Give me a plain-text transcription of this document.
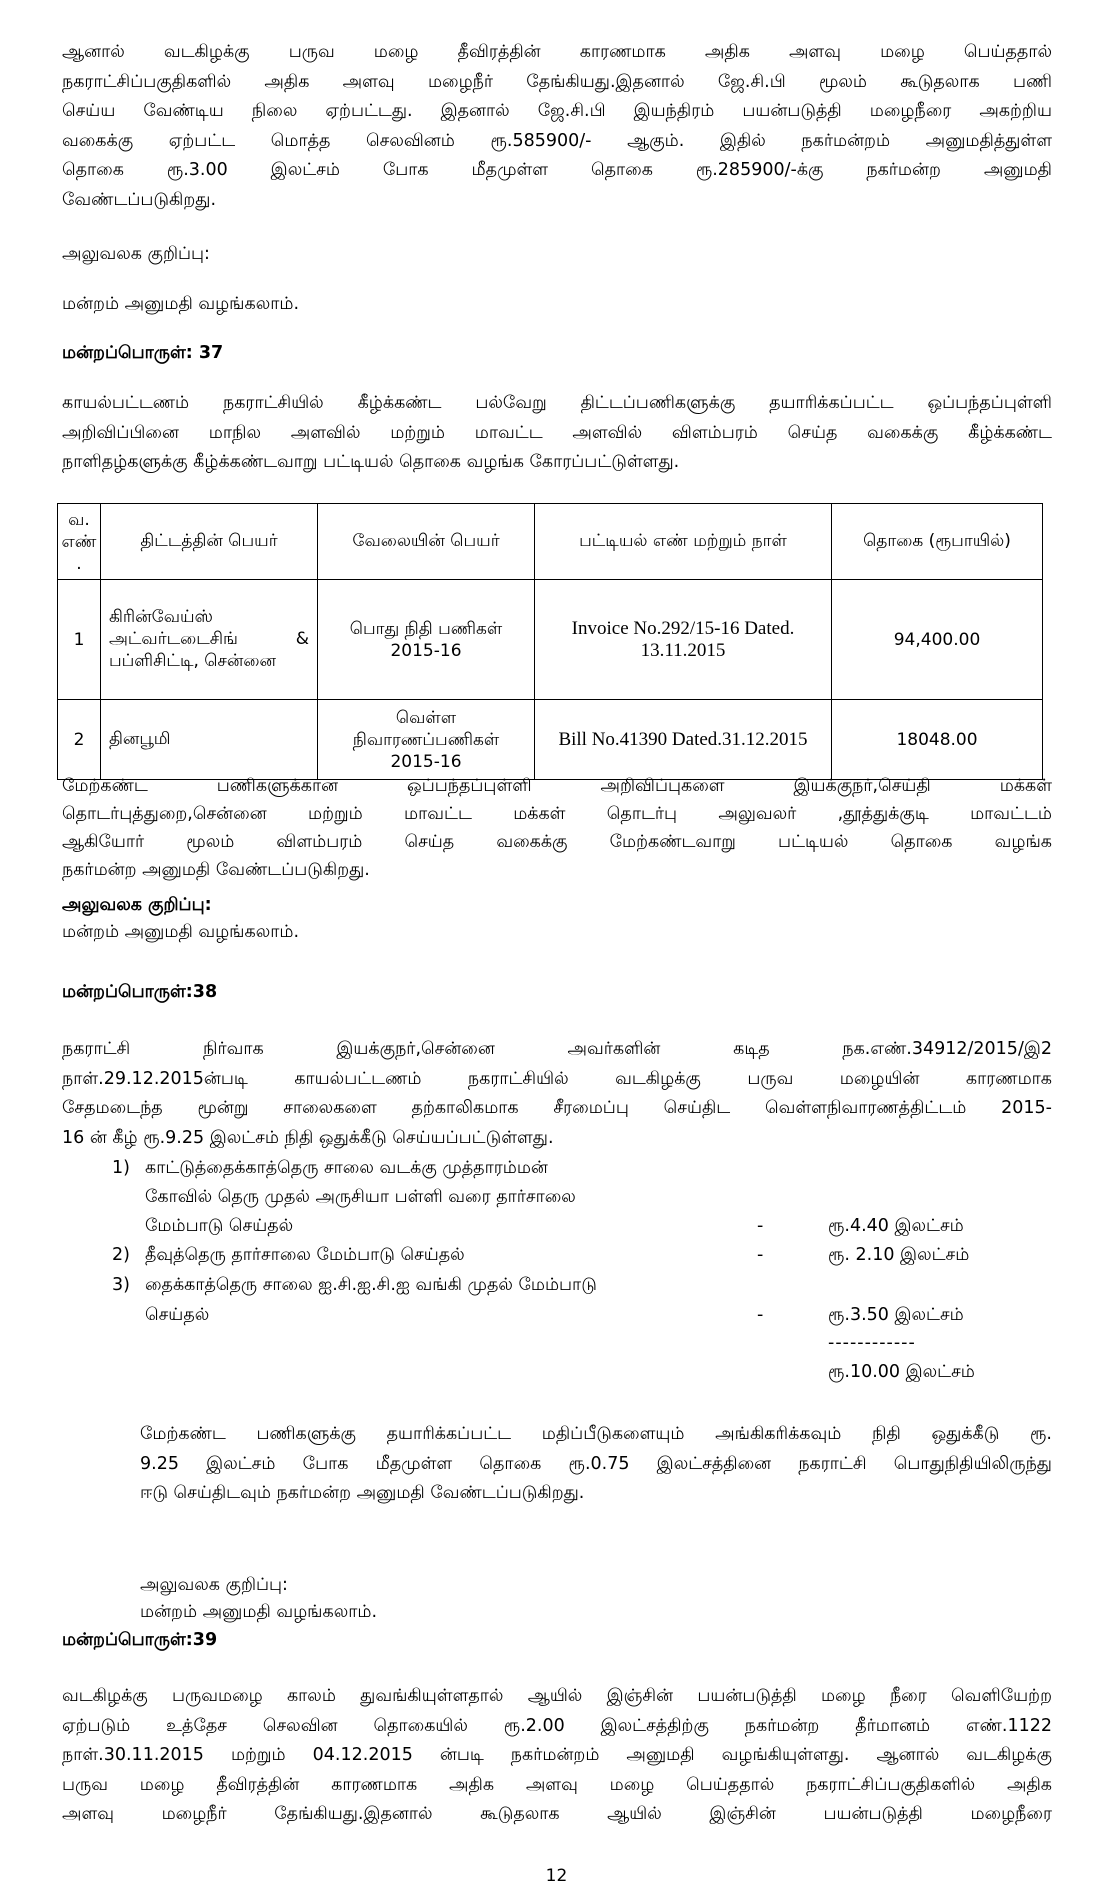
ஆனால் வடகிழக்கு பருவ மழை தீவிரத்தின் காரணமாக அதிக அளவு மழை பெய்ததால்
நகராட்சிப்பகுதிகளில் அதிக அளவு மழைநீர் தேங்கியது.இதனால் ஜே.சி.பி மூலம் கூடுதலாக பணி
செய்ய வேண்டிய நிலை ஏற்பட்டது. இதனால் ஜே.சி.பி இயந்திரம் பயன்படுத்தி மழைநீரை அகற்றிய
வகைக்கு ஏற்பட்ட மொத்த செலவினம் ரூ.585900/- ஆகும். இதில் நகர்மன்றம் அனுமதித்துள்ள
தொகை ரூ.3.00 இலட்சம் போக மீதமுள்ள தொகை ரூ.285900/-க்கு நகர்மன்ற அனுமதி
வேண்டப்படுகிறது.
அலுவலக குறிப்பு:
மன்றம் அனுமதி வழங்கலாம்.
மன்றப்பொருள்: 37
காயல்பட்டணம் நகராட்சியில் கீழ்க்கண்ட பல்வேறு திட்டப்பணிகளுக்கு தயாரிக்கப்பட்ட ஒப்பந்தப்புள்ளி
அறிவிப்பினை மாநில அளவில் மற்றும் மாவட்ட அளவில் விளம்பரம் செய்த வகைக்கு கீழ்க்கண்ட
நாளிதழ்களுக்கு கீழ்க்கண்டவாறு பட்டியல் தொகை வழங்க கோரப்பட்டுள்ளது.
வ. எண் .	திட்டத்தின் பெயர்	வேலையின் பெயர்	பட்டியல் எண் மற்றும் நாள்	தொகை (ரூபாயில்)
1	கிரின்வேய்ஸ் அட்வர்டடைசிங் & பப்ளிசிட்டி, சென்னை	பொது நிதி பணிகள் 2015-16	Invoice No.292/15-16 Dated. 13.11.2015	94,400.00
2	தினபூமி	வெள்ள நிவாரணப்பணிகள் 2015-16	Bill No.41390 Dated.31.12.2015	18048.00
மேற்கண்ட பணிகளுக்கான ஒப்பந்தப்புள்ளி அறிவிப்புகளை இயக்குநர்,செய்தி மக்கள்
தொடர்புத்துறை,சென்னை மற்றும் மாவட்ட மக்கள் தொடர்பு அலுவலர் ,தூத்துக்குடி மாவட்டம்
ஆகியோர் மூலம் விளம்பரம் செய்த வகைக்கு மேற்கண்டவாறு பட்டியல் தொகை வழங்க
நகர்மன்ற அனுமதி வேண்டப்படுகிறது.
அலுவலக குறிப்பு:
மன்றம் அனுமதி வழங்கலாம்.
மன்றப்பொருள்:38
நகராட்சி நிர்வாக இயக்குநர்,சென்னை அவர்களின் கடித நக.எண்.34912/2015/இ2
நாள்.29.12.2015ன்படி காயல்பட்டணம் நகராட்சியில் வடகிழக்கு பருவ மழையின் காரணமாக
சேதமடைந்த மூன்று சாலைகளை தற்காலிகமாக சீரமைப்பு செய்திட வெள்ளநிவாரணத்திட்டம் 2015-
16 ன் கீழ் ரூ.9.25 இலட்சம் நிதி ஒதுக்கீடு செய்யப்பட்டுள்ளது.
1) காட்டுத்தைக்காத்தெரு சாலை வடக்கு முத்தாரம்மன்
கோவில் தெரு முதல் அருசியா பள்ளி வரை தார்சாலை
மேம்பாடு செய்தல்	-	ரூ.4.40 இலட்சம்
2) தீவுத்தெரு தார்சாலை மேம்பாடு செய்தல்	-	ரூ. 2.10 இலட்சம்
3) தைக்காத்தெரு சாலை ஐ.சி.ஐ.சி.ஐ வங்கி முதல் மேம்பாடு
செய்தல்	-	ரூ.3.50 இலட்சம்
------------
ரூ.10.00 இலட்சம்
மேற்கண்ட பணிகளுக்கு தயாரிக்கப்பட்ட மதிப்பீடுகளையும் அங்கிகரிக்கவும் நிதி ஒதுக்கீடு ரூ.
9.25 இலட்சம் போக மீதமுள்ள தொகை ரூ.0.75 இலட்சத்தினை நகராட்சி பொதுநிதியிலிருந்து
ஈடு செய்திடவும் நகர்மன்ற அனுமதி வேண்டப்படுகிறது.
அலுவலக குறிப்பு:
மன்றம் அனுமதி வழங்கலாம்.
மன்றப்பொருள்:39
வடகிழக்கு பருவமழை காலம் துவங்கியுள்ளதால் ஆயில் இஞ்சின் பயன்படுத்தி மழை நீரை வெளியேற்ற
ஏற்படும் உத்தேச செலவின தொகையில் ரூ.2.00 இலட்சத்திற்கு நகர்மன்ற தீர்மானம் எண்.1122
நாள்.30.11.2015 மற்றும் 04.12.2015 ன்படி நகர்மன்றம் அனுமதி வழங்கியுள்ளது. ஆனால் வடகிழக்கு
பருவ மழை தீவிரத்தின் காரணமாக அதிக அளவு மழை பெய்ததால் நகராட்சிப்பகுதிகளில் அதிக
அளவு மழைநீர் தேங்கியது.இதனால் கூடுதலாக ஆயில் இஞ்சின் பயன்படுத்தி மழைநீரை
12
